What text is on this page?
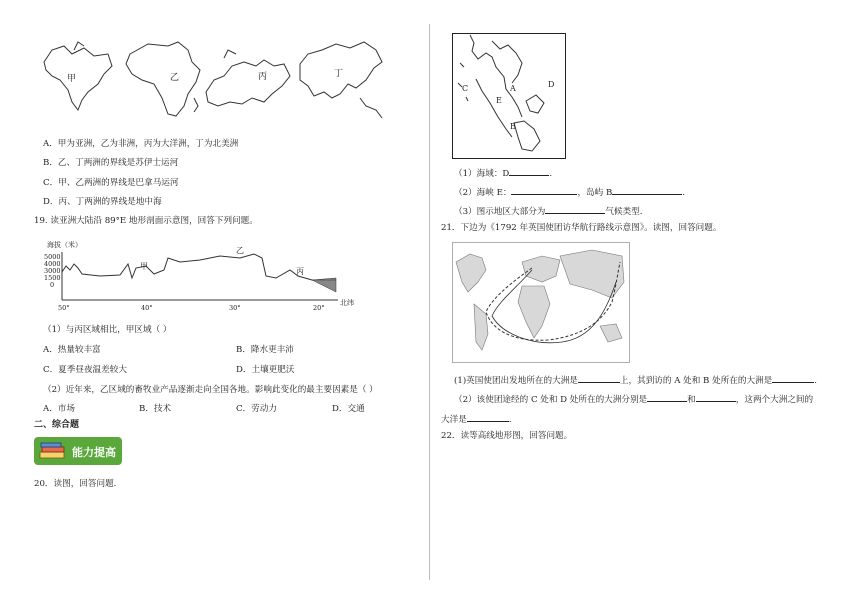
甲	乙	丙	丁
A．甲为亚洲，乙为非洲，丙为大洋洲，丁为北美洲
B．乙、丁两洲的界线是苏伊士运河
C．甲、乙两洲的界线是巴拿马运河
D．丙、丁两洲的界线是地中海
19. 读亚洲大陆沿 89°E 地形剖面示意图，回答下列问题。
海拔（米）
5000
4000
3000
1500
0
甲
乙
丙
50°	40°	30°	20°
北纬
（1）与丙区域相比，甲区域（ ）
A．热量较丰富	B．降水更丰沛
C．夏季昼夜温差较大	D．土壤更肥沃
（2）近年来，乙区域的畜牧业产品逐渐走向全国各地。影响此变化的最主要因素是（ ）
A．市场	B．技术	C．劳动力	D．交通
二、综合题
能力提高
20．读图，回答问题.
C	A
B
D
E
（1）海域：D	.
（2）海峡 E：	，岛屿 B	.
（3）图示地区大部分为	气候类型.
21．下边为《1792 年英国使团访华航行路线示意图》。读图，回答问题。
(1)英国使团出发地所在的大洲是	上，其到访的 A 处和 B 处所在的大洲是	.
（2）该使团途经的 C 处和 D 处所在的大洲分别是	和	，这两个大洲之间的
大洋是	.
22．读等高线地形图，回答问题。
